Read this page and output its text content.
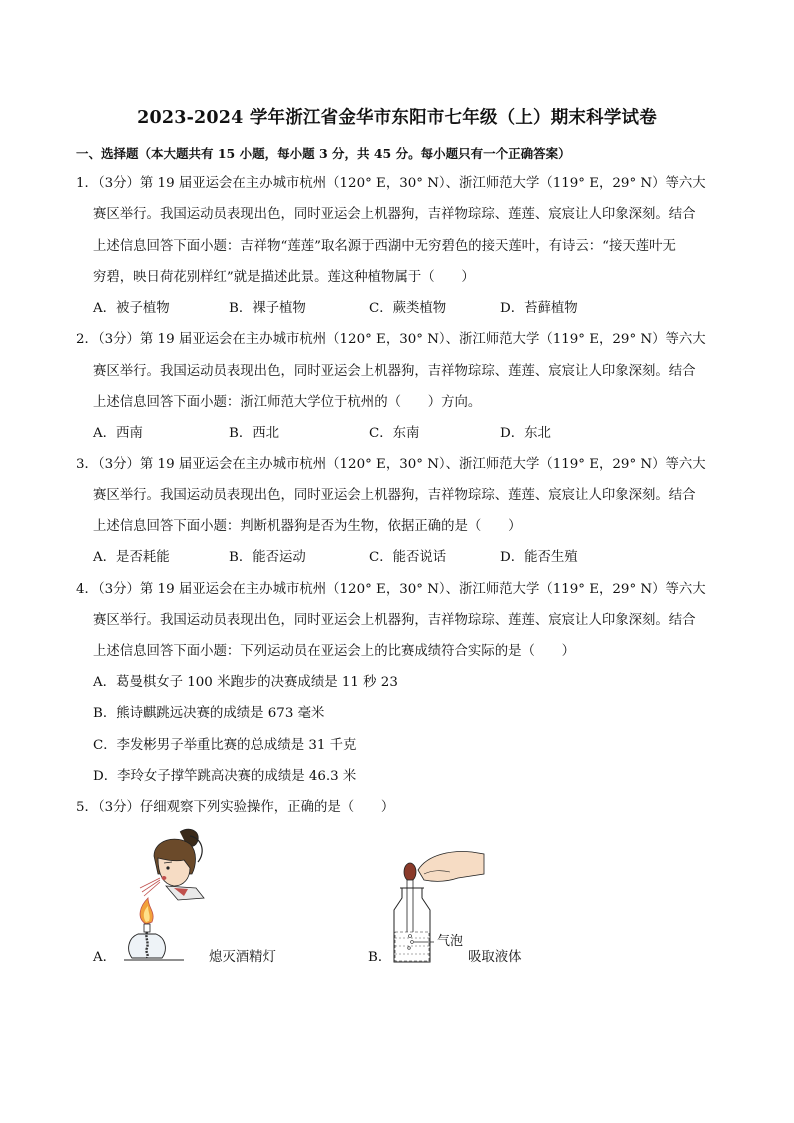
2023-2024 学年浙江省金华市东阳市七年级（上）期末科学试卷
一、选择题（本大题共有 15 小题，每小题 3 分，共 45 分。每小题只有一个正确答案）
1．（3分）第 19 届亚运会在主办城市杭州（120° E，30° N）、浙江师范大学（119° E，29° N）等六大
赛区举行。我国运动员表现出色，同时亚运会上机器狗，吉祥物琮琮、莲莲、宸宸让人印象深刻。结合
上述信息回答下面小题：吉祥物“莲莲”取名源于西湖中无穷碧色的接天莲叶，有诗云：“接天莲叶无
穷碧，映日荷花别样红”就是描述此景。莲这种植物属于（　　）
A．被子植物	B．裸子植物	C．蕨类植物	D．苔藓植物
2．（3分）第 19 届亚运会在主办城市杭州（120° E，30° N）、浙江师范大学（119° E，29° N）等六大
赛区举行。我国运动员表现出色，同时亚运会上机器狗，吉祥物琮琮、莲莲、宸宸让人印象深刻。结合
上述信息回答下面小题：浙江师范大学位于杭州的（　　）方向。
A．西南	B．西北	C．东南	D．东北
3．（3分）第 19 届亚运会在主办城市杭州（120° E，30° N）、浙江师范大学（119° E，29° N）等六大
赛区举行。我国运动员表现出色，同时亚运会上机器狗，吉祥物琮琮、莲莲、宸宸让人印象深刻。结合
上述信息回答下面小题：判断机器狗是否为生物，依据正确的是（　　）
A．是否耗能	B．能否运动	C．能否说话	D．能否生殖
4．（3分）第 19 届亚运会在主办城市杭州（120° E，30° N）、浙江师范大学（119° E，29° N）等六大
赛区举行。我国运动员表现出色，同时亚运会上机器狗，吉祥物琮琮、莲莲、宸宸让人印象深刻。结合
上述信息回答下面小题：下列运动员在亚运会上的比赛成绩符合实际的是（　　）
A．葛曼棋女子 100 米跑步的决赛成绩是 11 秒 23
B．熊诗麒跳远决赛的成绩是 673 毫米
C．李发彬男子举重比赛的总成绩是 31 千克
D．李玲女子撑竿跳高决赛的成绩是 46.3 米
5．（3分）仔细观察下列实验操作，正确的是（　　）
A．	熄灭酒精灯
气泡
B．	吸取液体
